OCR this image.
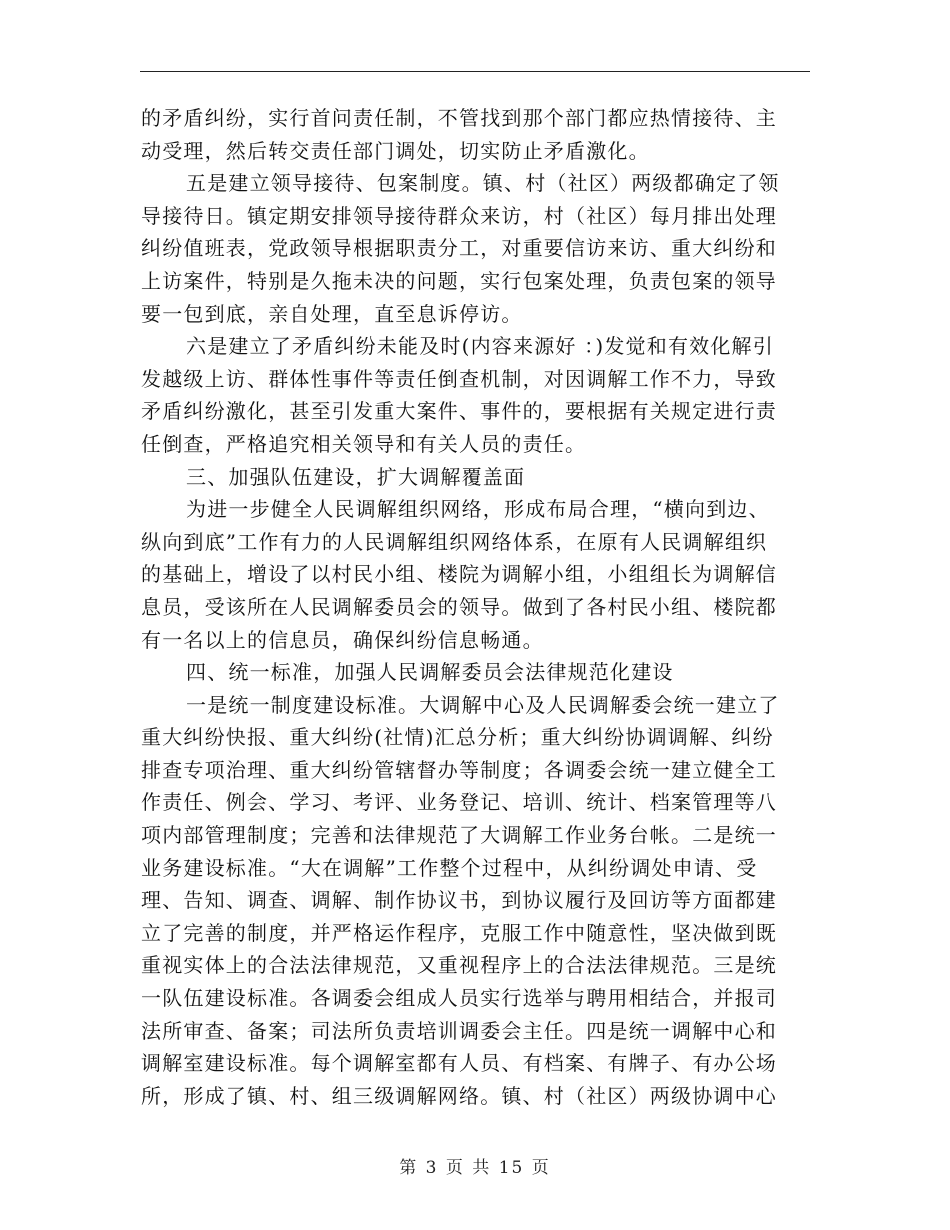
的矛盾纠纷，实行首问责任制，不管找到那个部门都应热情接待、主
动受理，然后转交责任部门调处，切实防止矛盾激化。
五是建立领导接待、包案制度。镇、村（社区）两级都确定了领
导接待日。镇定期安排领导接待群众来访，村（社区）每月排出处理
纠纷值班表，党政领导根据职责分工，对重要信访来访、重大纠纷和
上访案件，特别是久拖未决的问题，实行包案处理，负责包案的领导
要一包到底，亲自处理，直至息诉停访。
六是建立了矛盾纠纷未能及时(内容来源好 ：)发觉和有效化解引
发越级上访、群体性事件等责任倒查机制，对因调解工作不力，导致
矛盾纠纷激化，甚至引发重大案件、事件的，要根据有关规定进行责
任倒查，严格追究相关领导和有关人员的责任。
三、加强队伍建设，扩大调解覆盖面
为进一步健全人民调解组织网络，形成布局合理，“横向到边、
纵向到底”工作有力的人民调解组织网络体系，在原有人民调解组织
的基础上，增设了以村民小组、楼院为调解小组，小组组长为调解信
息员，受该所在人民调解委员会的领导。做到了各村民小组、楼院都
有一名以上的信息员，确保纠纷信息畅通。
四、统一标准，加强人民调解委员会法律规范化建设
一是统一制度建设标准。大调解中心及人民调解委会统一建立了
重大纠纷快报、重大纠纷(社情)汇总分析；重大纠纷协调调解、纠纷
排查专项治理、重大纠纷管辖督办等制度；各调委会统一建立健全工
作责任、例会、学习、考评、业务登记、培训、统计、档案管理等八
项内部管理制度；完善和法律规范了大调解工作业务台帐。二是统一
业务建设标准。“大在调解”工作整个过程中，从纠纷调处申请、受
理、告知、调查、调解、制作协议书，到协议履行及回访等方面都建
立了完善的制度，并严格运作程序，克服工作中随意性，坚决做到既
重视实体上的合法法律规范，又重视程序上的合法法律规范。三是统
一队伍建设标准。各调委会组成人员实行选举与聘用相结合，并报司
法所审查、备案；司法所负责培训调委会主任。四是统一调解中心和
调解室建设标准。每个调解室都有人员、有档案、有牌子、有办公场
所，形成了镇、村、组三级调解网络。镇、村（社区）两级协调中心
第 3 页 共 15 页
